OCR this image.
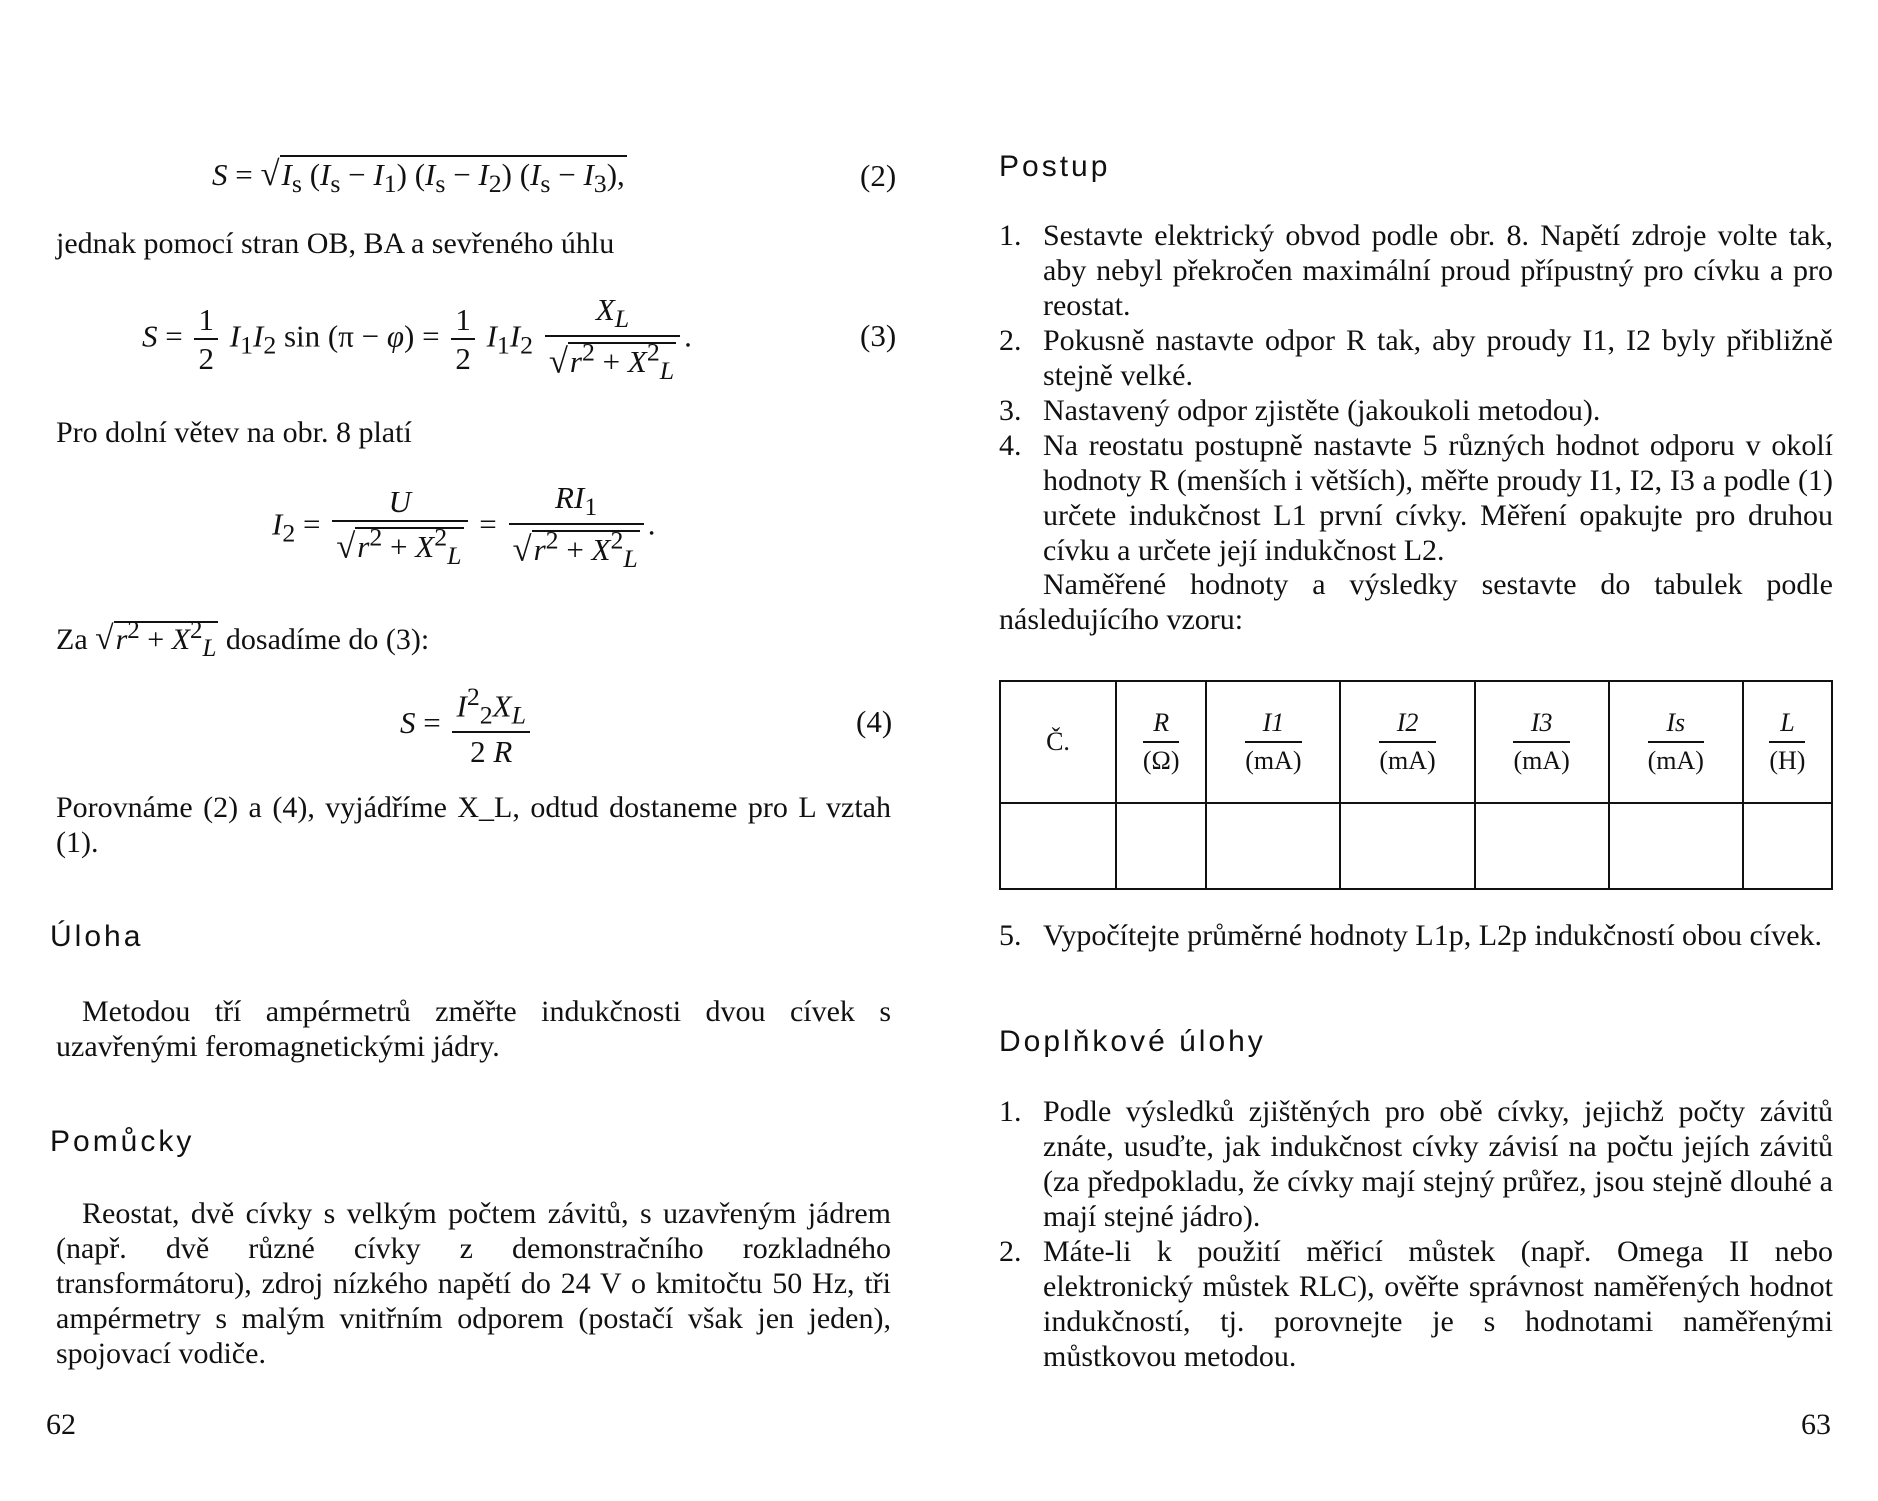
$S = √I_s$ $(I_s - I_1) (I_s - I_2) (I_s - I_3)$,	(2)
jednak pomocí stran OB, BA a sevřeného úhlu
$S = \frac{1}{2} I_1I_2$ $\sin (\pi - \varphi) = \frac{1}{2} I_1I_2 \frac{X_L}{√r^2 + X^2_L}$ .	(3)
Pro dolní větev na obr. 8 platí
$I_2 = \frac{U}{√r^2 + X^2_L} = \frac{RI_1}{√r^2 + X^2_L}$ .
Za $√r^2 + X^2_L$ dosadíme do (3):
$S = \frac{I^2_2X_L}{2 R}$	(4)
Porovnáme (2) a (4), vyjádříme X_L, odtud dostaneme pro L vztah (1).
Úloha
Metodou tří ampérmetrů změřte indukčnosti dvou cívek s uzavřenými feromagnetickými jádry.
Pomůcky
Reostat, dvě cívky s velkým počtem závitů, s uzavřeným jádrem (např. dvě různé cívky z demonstračního rozkladného transformátoru), zdroj nízkého napětí do 24 V o kmitočtu 50 Hz, tři ampérmetry s malým vnitřním odporem (postačí však jen jeden), spojovací vodiče.
62
Postup
1. Sestavte elektrický obvod podle obr. 8. Napětí zdroje volte tak, aby nebyl překročen maximální proud přípustný pro cívku a pro reostat.
2. Pokusně nastavte odpor R tak, aby proudy I1, I2 byly přibližně stejně velké.
3. Nastavený odpor zjistěte (jakoukoli metodou).
4. Na reostatu postupně nastavte 5 různých hodnot odporu v okolí hodnoty R (menších i větších), měřte proudy I1, I2, I3 a podle (1) určete indukčnost L1 první cívky. Měření opakujte pro druhou cívku a určete její indukčnost L2.
Naměřené hodnoty a výsledky sestavte do tabulek podle následujícího vzoru:
Č.	$\frac{R}{(\Omega)}$	$\frac{I1}{(mA)}$	$\frac{I2}{(mA)}$	$\frac{I3}{(mA)}$	$\frac{Is}{(mA)}$	$\frac{L}{(H)}$

5. Vypočítejte průměrné hodnoty L1p, L2p indukčností obou cívek.
Doplňkové úlohy
1. Podle výsledků zjištěných pro obě cívky, jejichž počty závitů znáte, usuďte, jak indukčnost cívky závisí na počtu jejích závitů (za předpokladu, že cívky mají stejný průřez, jsou stejně dlouhé a mají stejné jádro).
2. Máte-li k použití měřicí můstek (např. Omega II nebo elektronický můstek RLC), ověřte správnost naměřených hodnot indukčností, tj. porovnejte je s hodnotami naměřenými můstkovou metodou.
63
